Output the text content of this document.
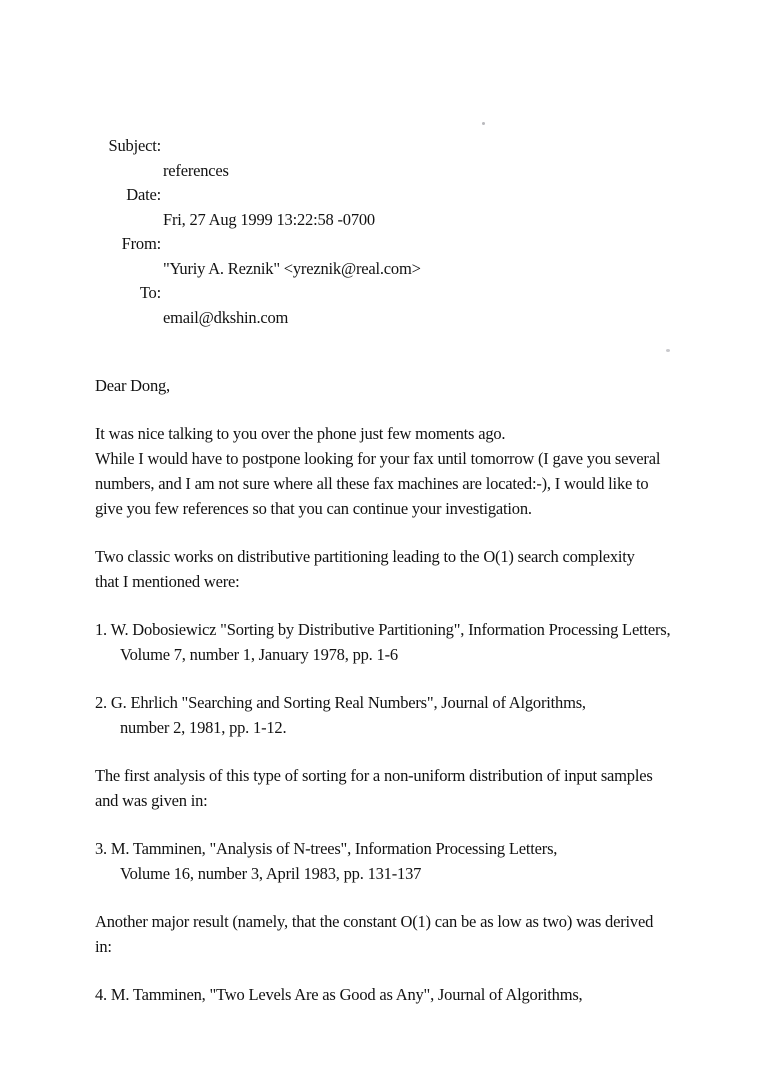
Subject:
references
Date:
Fri, 27 Aug 1999 13:22:58 -0700
From:
"Yuriy A. Reznik" <yreznik@real.com>
To:
email@dkshin.com
Dear Dong,
It was nice talking to you over the phone just few moments ago.
While I would have to postpone looking for your fax until tomorrow (I gave you several
numbers, and I am not sure where all these fax machines are located:-), I would like to
give you few references so that you can continue your investigation.
Two classic works on distributive partitioning leading to the O(1) search complexity
that I mentioned were:
1. W. Dobosiewicz "Sorting by Distributive Partitioning", Information Processing Letters,
Volume 7, number 1, January 1978, pp. 1-6
2. G. Ehrlich "Searching and Sorting Real Numbers", Journal of Algorithms,
number 2, 1981, pp. 1-12.
The first analysis of this type of sorting for a non-uniform distribution of input samples
and was given in:
3. M. Tamminen, "Analysis of N-trees", Information Processing Letters,
Volume 16, number 3, April 1983, pp. 131-137
Another major result (namely, that the constant O(1) can be as low as two) was derived
in:
4. M. Tamminen, "Two Levels Are as Good as Any", Journal of Algorithms,
